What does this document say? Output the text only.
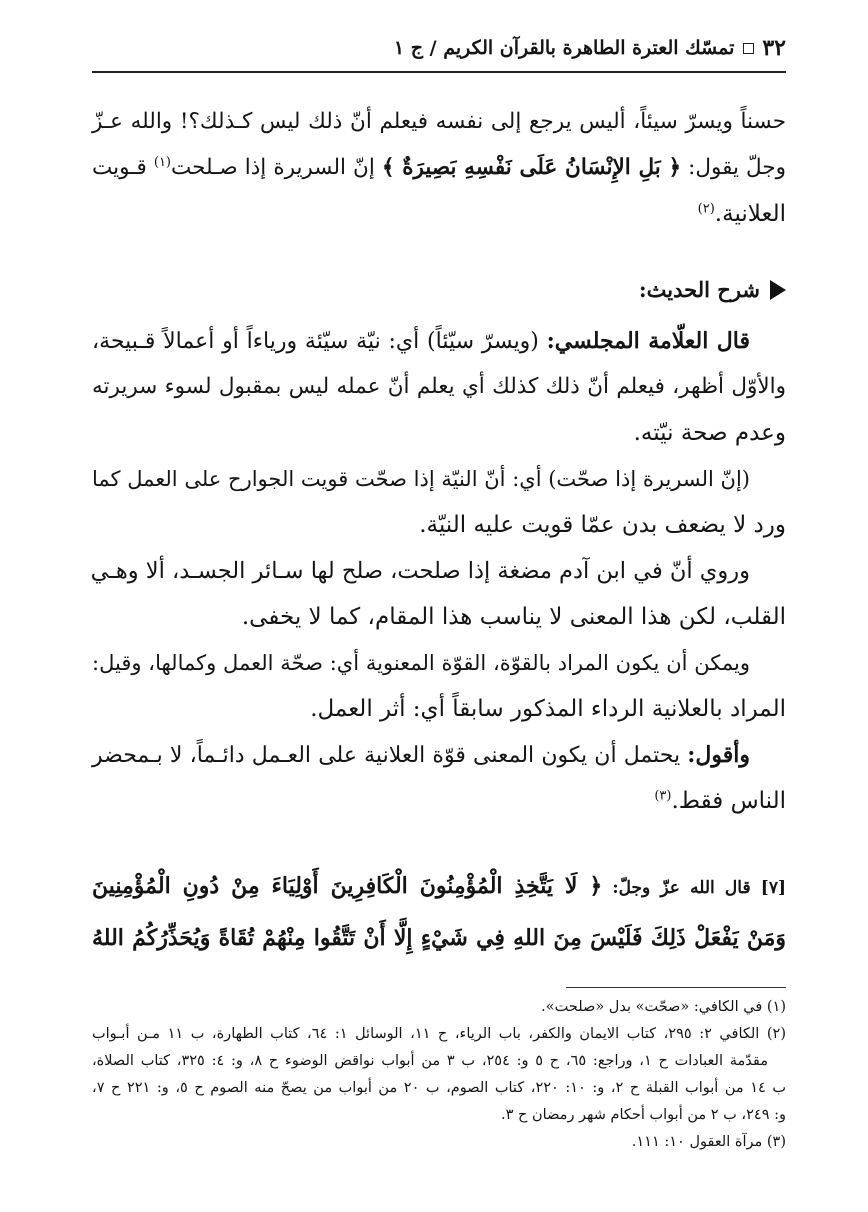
٣٢
تمسّك العترة الطاهرة بالقرآن الكريم / ج ١
حسناً ويسرّ سيئاً، أليس يرجع إلى نفسه فيعلم أنّ ذلك ليس كـذلك؟! والله عـزّ
وجلّ يقول: ﴿ بَلِ الإِنْسَانُ عَلَى نَفْسِهِ بَصِيرَةٌ ﴾ إنّ السريرة إذا صـلحت$^{(١)}$ قـويت
العلانية.$^{(٢)}$
شرح الحديث:
قال العلّامة المجلسي: (ويسرّ سيّئاً) أي: نيّة سيّئة ورياءاً أو أعمالاً قـبيحة،
والأوّل أظهر، فيعلم أنّ ذلك كذلك أي يعلم أنّ عمله ليس بمقبول لسوء سريرته
وعدم صحة نيّته.
(إنّ السريرة إذا صحّت) أي: أنّ النيّة إذا صحّت قويت الجوارح على العمل كما
ورد لا يضعف بدن عمّا قويت عليه النيّة.
وروي أنّ في ابن آدم مضغة إذا صلحت، صلح لها سـائر الجسـد، ألا وهـي
القلب، لكن هذا المعنى لا يناسب هذا المقام، كما لا يخفى.
ويمكن أن يكون المراد بالقوّة، القوّة المعنوية أي: صحّة العمل وكمالها، وقيل:
المراد بالعلانية الرداء المذكور سابقاً أي: أثر العمل.
وأقول: يحتمل أن يكون المعنى قوّة العلانية على العـمل دائـماً، لا بـمحضر
الناس فقط.$^{(٣)}$
[٧] قال الله عزّ وجلّ: ﴿ لَا يَتَّخِذِ الْمُؤْمِنُونَ الْكَافِرِينَ أَوْلِيَاءَ مِنْ دُونِ الْمُؤْمِنِينَ
وَمَنْ يَفْعَلْ ذَلِكَ فَلَيْسَ مِنَ اللهِ فِي شَيْءٍ إِلَّا أَنْ تَتَّقُوا مِنْهُمْ تُقَاةً وَيُحَذِّرُكُمُ اللهُ
(١) في الكافي: «صحّت» بدل «صلحت».
(٢) الكافي ٢: ٢٩٥، كتاب الايمان والكفر، باب الرياء، ح ١١، الوسائل ١: ٦٤، كتاب الطهارة، ب ١١ مـن أبـواب
مقدّمة العبادات ح ١، وراجع: ٦٥، ح ٥ و: ٢٥٤، ب ٣ من أبواب نواقض الوضوء ح ٨، و: ٤: ٣٢٥، كتاب الصلاة،
ب ١٤ من أبواب القبلة ح ٢، و: ١٠: ٢٢٠، كتاب الصوم، ب ٢٠ من أبواب من يصحّ منه الصوم ح ٥، و: ٢٢١ ح ٧،
و: ٢٤٩، ب ٢ من أبواب أحكام شهر رمضان ح ٣.
(٣) مرآة العقول ١٠: ١١١.
